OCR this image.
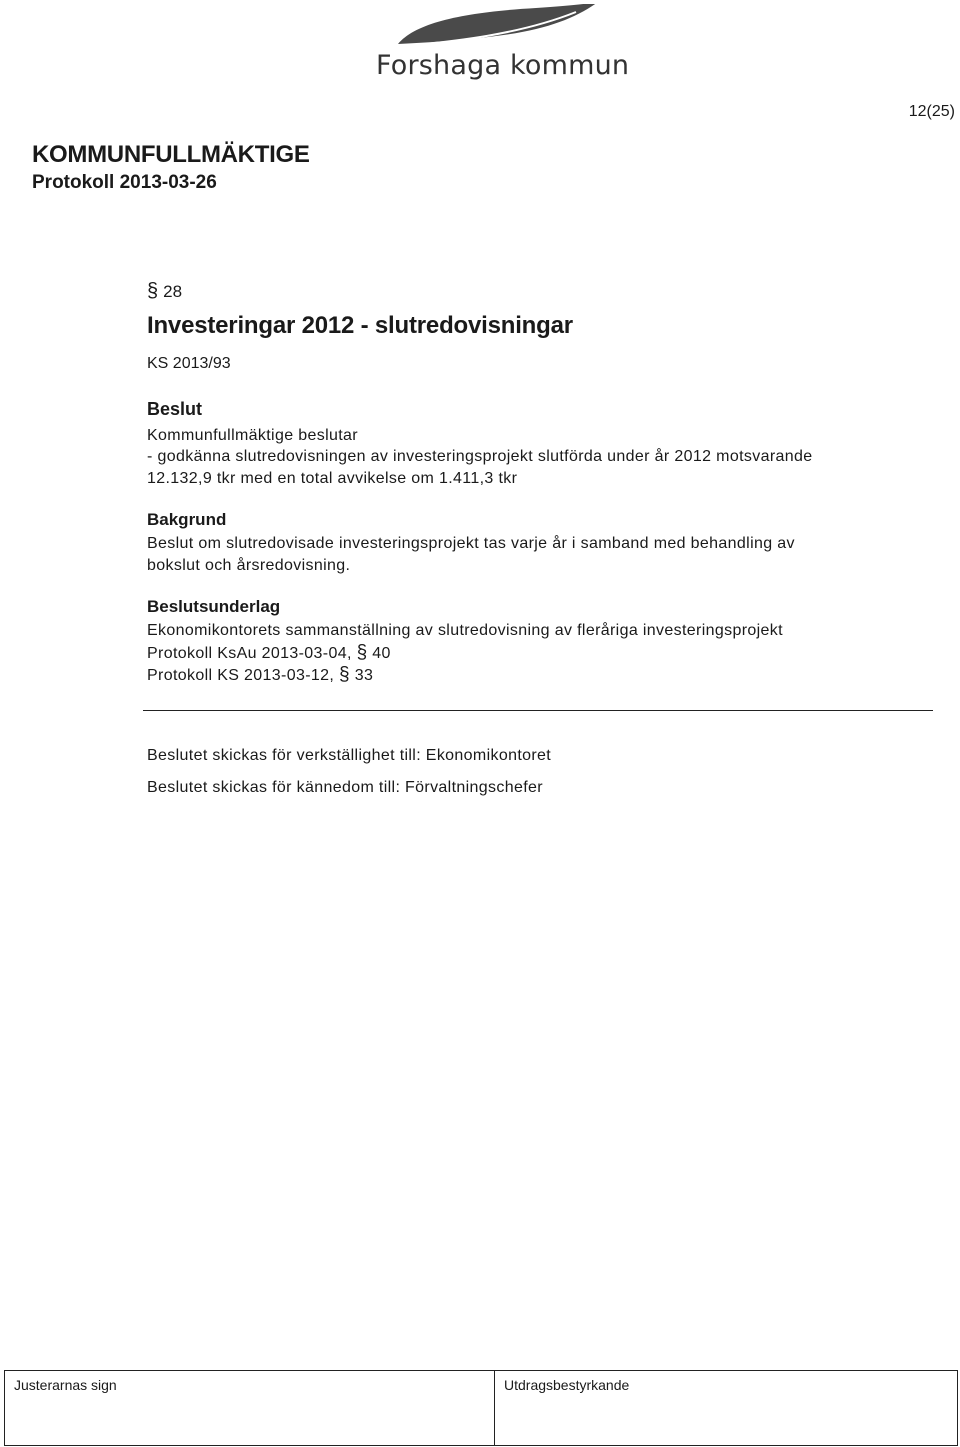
Forshaga kommun
12(25)
KOMMUNFULLMÄKTIGE
Protokoll 2013-03-26
§ 28
Investeringar 2012 - slutredovisningar
KS 2013/93
Beslut
Kommunfullmäktige beslutar
- godkänna slutredovisningen av investeringsprojekt slutförda under år 2012 motsvarande
12.132,9 tkr med en total avvikelse om 1.411,3 tkr
Bakgrund
Beslut om slutredovisade investeringsprojekt tas varje år i samband med behandling av
bokslut och årsredovisning.
Beslutsunderlag
Ekonomikontorets sammanställning av slutredovisning av fleråriga investeringsprojekt
Protokoll KsAu 2013-03-04, § 40
Protokoll KS 2013-03-12, § 33
Beslutet skickas för verkställighet till: Ekonomikontoret
Beslutet skickas för kännedom till: Förvaltningschefer
Justerarnas sign	Utdragsbestyrkande
